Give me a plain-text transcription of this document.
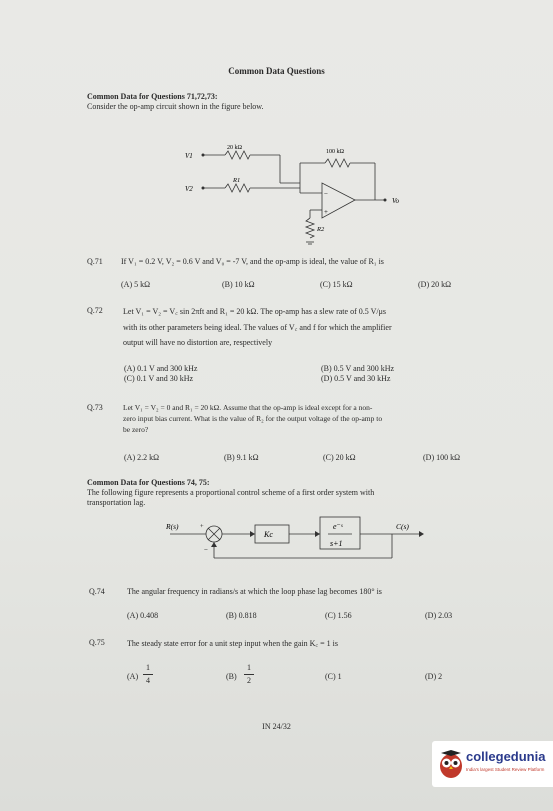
Common Data Questions
Common Data for Questions 71,72,73:
Consider the op-amp circuit shown in the figure below.
V1
V2
Vo
20 kΩ
R1
100 kΩ
R2
−
+
Q.71 If V₁ = 0.2 V, V₂ = 0.6 V and V₀ = -7 V, and the op-amp is ideal, the value of R₁ is
(A) 5 kΩ	(B) 10 kΩ	(C) 15 kΩ	(D) 20 kΩ
Q.72	Let V₁ = V₂ = V꜀ sin 2πft and R₁ = 20 kΩ. The op-amp has a slew rate of 0.5 V/μs
with its other parameters being ideal. The values of V꜀ and f for which the amplifier
output will have no distortion are, respectively
(A) 0.1 V and 300 kHz	(B) 0.5 V and 300 kHz
(C) 0.1 V and 30 kHz	(D) 0.5 V and 30 kHz
Q.73	Let V₁ = V₂ = 0 and R₁ = 20 kΩ. Assume that the op-amp is ideal except for a non-
zero input bias current. What is the value of R₂ for the output voltage of the op-amp to
be zero?
(A) 2.2 kΩ	(B) 9.1 kΩ	(C) 20 kΩ	(D) 100 kΩ
Common Data for Questions 74, 75:
The following figure represents a proportional control scheme of a first order system with
transportation lag.
R(s)	C(s)
+
−
Kc
e⁻ˢ
s+1
Q.74	The angular frequency in radians/s at which the loop phase lag becomes 180° is
(A) 0.408	(B) 0.818	(C) 1.56	(D) 2.03
Q.75	The steady state error for a unit step input when the gain K꜀ = 1 is
(A)
1
4	(B)
1
2	(C) 1	(D) 2
IN 24/32
collegedunia
India's largest Student Review Platform
